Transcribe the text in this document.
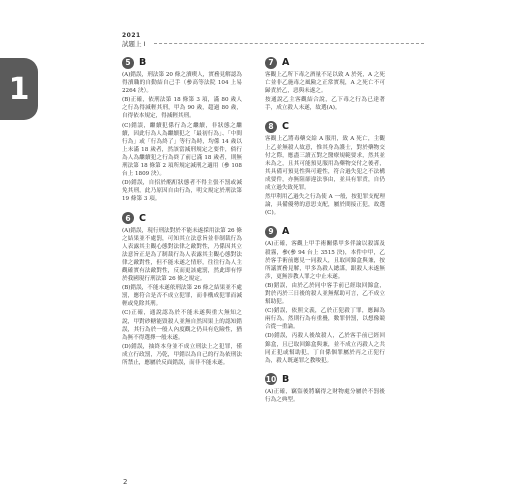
2021
試題上 Ⅰ
1
5 B

(A)錯誤，刑法第 20 條之瀆喫人，實務見解認為得瀆職的自動結自己手（參高等法院 104 上易 2264 決）。

(B)正確，依刑法第 18 條第 3 項，滿 80 歲人之行為得減輕其刑，甲為 90 歲，超過 80 歲，自得依本規定，得減輕其刑。

(C)錯誤，繼續犯係行為之繼續，非狀態之繼續，因此行為人為繼續犯之「最初行為」、「中間行為」或「行為終了」等行為時，均係 14 歲以上未滿 18 歲者，然該當減刑規定之要件，倘行為人為繼續犯之行為終了前已滿 18 歲者，則無刑法第 18 條第 2 項所規定減刑之適用（參 108 台上 1809 決）。

(D)錯誤，自招於酩酊狀態者不得主張不罰或減免其刑，此乃原因自由行為，明文規定於刑法第 19 條第 3 項。

6 C

(A)錯誤，現行刑法對於不能未遂採用法第 26 條之結果並不處罰，可知其立法意旨並非制裁行為人表露其主觀心態對法律之敵對性，乃係因其立法意旨正是為了制裁行為人表露其主觀心態對法律之敵對性，但不能未遂之情形，往往行為人主觀確實有法敵對性，反而更該處罰，然此即有悖於我國現行刑法第 26 條之規定。

(B)錯誤，不能未遂依刑法第 26 條之結果並不處罰，應符合是否不成立犯罪，而非構成犯罪而減輕或免除其刑。

(C)正確，通說認為於不能未遂與重大無知之說，甲對砂糖能毀殺人並無自然因果上的認知錯誤，其行為於一般人內度觀之仍具有危險性，猶為無不得選擇一般未遂。

(D)錯誤，抽終本身並不成立刑法上之犯罪，僅成立行政罰，乃乾，甲錯以為自己的行為依刑法所禁止，應屬於反面錯誤，而非不能未遂。

7 A

客觀上乙所下毒之酒量不足以致 A 於死，A 之死亡並非乙施毒之風險之正常實現，A 之死亡不可歸責於乙，惡與未遂之。

按通說乙主客觀結合說，乙下毒之行為已達著手，成立殺人未遂，故選(A)。

8 C

客觀上乙將毒藥交給 A 服用，致 A 死亡，主觀上乙並無殺人故意，惟其身為護士，對於藥物交付之際，應盡三讀五對之醫療規範要求，然其並未為之，且其可能預見服用為藥物交付之後者，其具備可預見性與可避性，符合過失犯之不法構成要件，亦無阻卻違法事由，並具有罪責，自仍成立過失致死罪。

然甲利用乙過失之行為使 A 一般，按犯罪支配理論，具備優勢的意思支配，屬於間接正犯，故選(C)。

9 A

(A)正確，客觀上甲手術關係甲多伴論以殺謀及殺霧，參(參 94 台上 3515 決)，本件中甲，乙於客手術前應見一同殺人，且取回錦盒與兼，按所議實務見解，甲多為殺人總謀，跟殺人未遂無涉，更無涉教人罪之中止未遂。

(B)錯誤，由於乙於同中客手前已經取回錦盒，對於丙於三日後的殺人並無幫助可言，乙不成立幫助犯。

(C)錯誤，依照文義，乙於正犯殺丁罪，應歸為兩行為，然則行為有重疊，數罪併罰，以想像競合從一重論。

(D)錯誤，丙殺人後故殺人，乙於客手前已經回錦盒，且已取回錦盒與兼，並不成立丙殺人之共同正犯或幫助犯，丁自係個罪屬於丙之正犯行為，殺人既遂罪之教唆犯。

10 B

(A)正確，竊盜後將竊得之財物處分屬於不罰後行為之典型。

2
